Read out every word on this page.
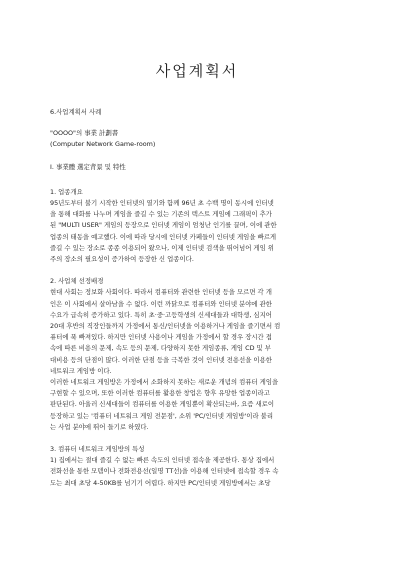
사업계획서

6.사업계획서 사례

"OOOO"의 事業 計劃書

(Computer Network Game-room)

Ⅰ. 事業體 選定背景 및 特性

1. 업종개요

95년도부터 불기 시작한 인터넷의 열기와 함께 96년 초 수백 명이 동시에 인터넷
을 통해 대화를 나누며 게임을 즐길 수 있는 기존의 텍스트 게임에 그래픽이 추가
된 "MULTI USER" 게임의 등장으로 인터넷 게임이 엄청난 인기를 끌며, 이에 관한
업종의 태동을 예고했다. 이에 따라 당시에 인터넷 카페들이 인터넷 게임을 빠르게
즐길 수 있는 장소로 종종 이용되어 왔으나, 이제 인터넷 검색을 뛰어넘어 게임 위
주의 장소의 필요성이 증가하여 등장한 신 업종이다.

2. 사업체 선정배경

현대 사회는 정보화 사회이다. 따라서 컴퓨터와 관련한 인터넷 등을 모르면 각 개
인은 이 사회에서 살아남을 수 없다. 이런 까닭으로 컴퓨터와 인터넷 분야에 관한
수요가 급속히 증가하고 있다. 특히 초·중·고등학생의 신세대들과 대학생, 심지어
20대 후반의 직장인들까지 가정에서 통신/인터넷을 이용하거나 게임을 즐기면서 컴
퓨터에 푹 빠져있다. 하지만 인터넷 사용이나 게임을 가정에서 할 경우 장시간 접
속에 따른 비용의 문제, 속도 등의 문제, 다양하지 못한 게임종류, 게임 CD 및 부
대비용 등의 단점이 많다. 이러한 단점 등을 극복한 것이 인터넷 전용선을 이용한
네트워크 게임방 이다.
이러한 네트워크 게임방은 가정에서 소화하지 못하는 새로운 개념의 컴퓨터 게임을
구현할 수 있으며, 또한 이러한 컴퓨터를 활용한 창업은 향후 유망한 업종이라고
판단된다. 아울러 신세대들이 컴퓨터를 이용한 게임뿐이 확산되는바, 요즘 새로이
등장하고 있는 '컴퓨터 네트워크 게임 전문점', 소위 'PC/인터넷 게임방'이라 불리
는 사업 분야에 뛰어 들기로 하였다.

3. 컴퓨터 네트워크 게임방의 특성

1) 집에서는 절대 즐길 수 없는 빠른 속도의 인터넷 접속을 제공한다. 통상 집에서
전화선을 통한 모뎀이나 전화전용선(일명 TT선)을 이용해 인터넷에 접속할 경우 속
도는 최대 초당 4-50KB를 넘기기 어렵다. 하지만 PC/인터넷 게임방에서는 초당
